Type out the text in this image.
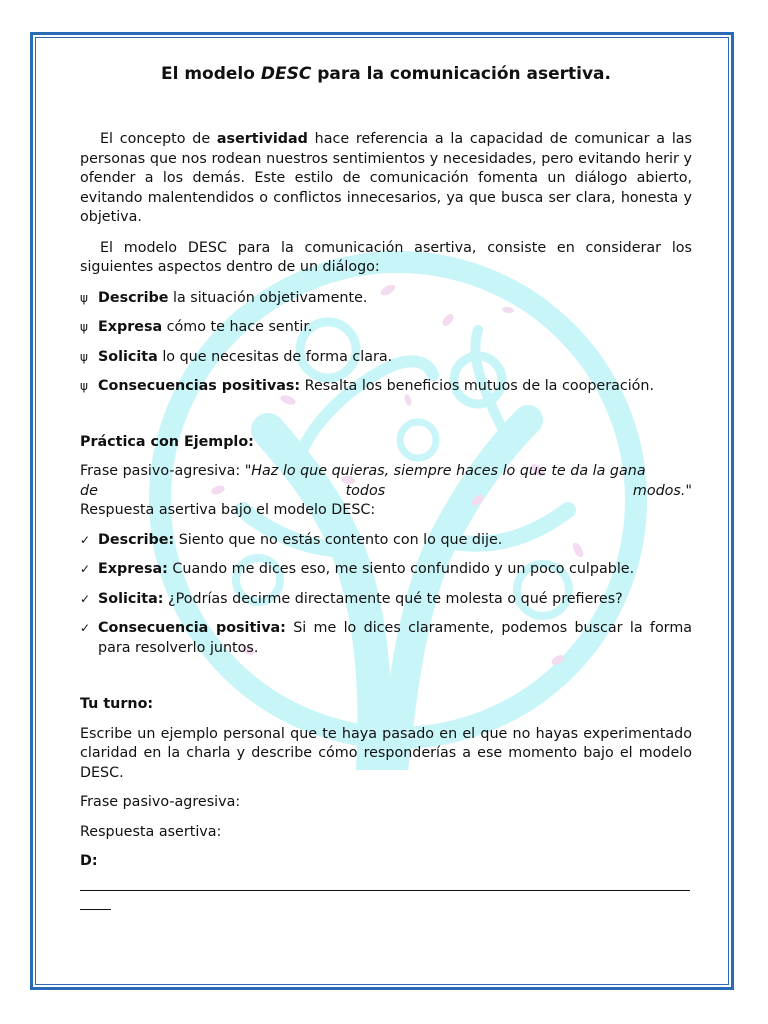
El modelo DESC para la comunicación asertiva.

El concepto de asertividad hace referencia a la capacidad de comunicar a las personas que nos rodean nuestros sentimientos y necesidades, pero evitando herir y ofender a los demás. Este estilo de comunicación fomenta un diálogo abierto, evitando malentendidos o conflictos innecesarios, ya que busca ser clara, honesta y objetiva.

El modelo DESC para la comunicación asertiva, consiste en considerar los siguientes aspectos dentro de un diálogo:

ψ Describe la situación objetivamente.

ψ Expresa cómo te hace sentir.

ψ Solicita lo que necesitas de forma clara.

ψ Consecuencias positivas: Resalta los beneficios mutuos de la cooperación.

Práctica con Ejemplo:

Frase pasivo-agresiva: " Haz lo que quieras, siempre haces lo que te da la gana
de	todos	modos."

Respuesta asertiva bajo el modelo DESC:

✓ Describe: Siento que no estás contento con lo que dije.

✓ Expresa: Cuando me dices eso, me siento confundido y un poco culpable.

✓ Solicita: ¿Podrías decirme directamente qué te molesta o qué prefieres?

✓ Consecuencia positiva: Si me lo dices claramente, podemos buscar la forma para resolverlo juntos.

Tu turno:

Escribe un ejemplo personal que te haya pasado en el que no hayas experimentado claridad en la charla y describe cómo responderías a ese momento bajo el modelo DESC.

Frase pasivo-agresiva:

Respuesta asertiva:

D:
